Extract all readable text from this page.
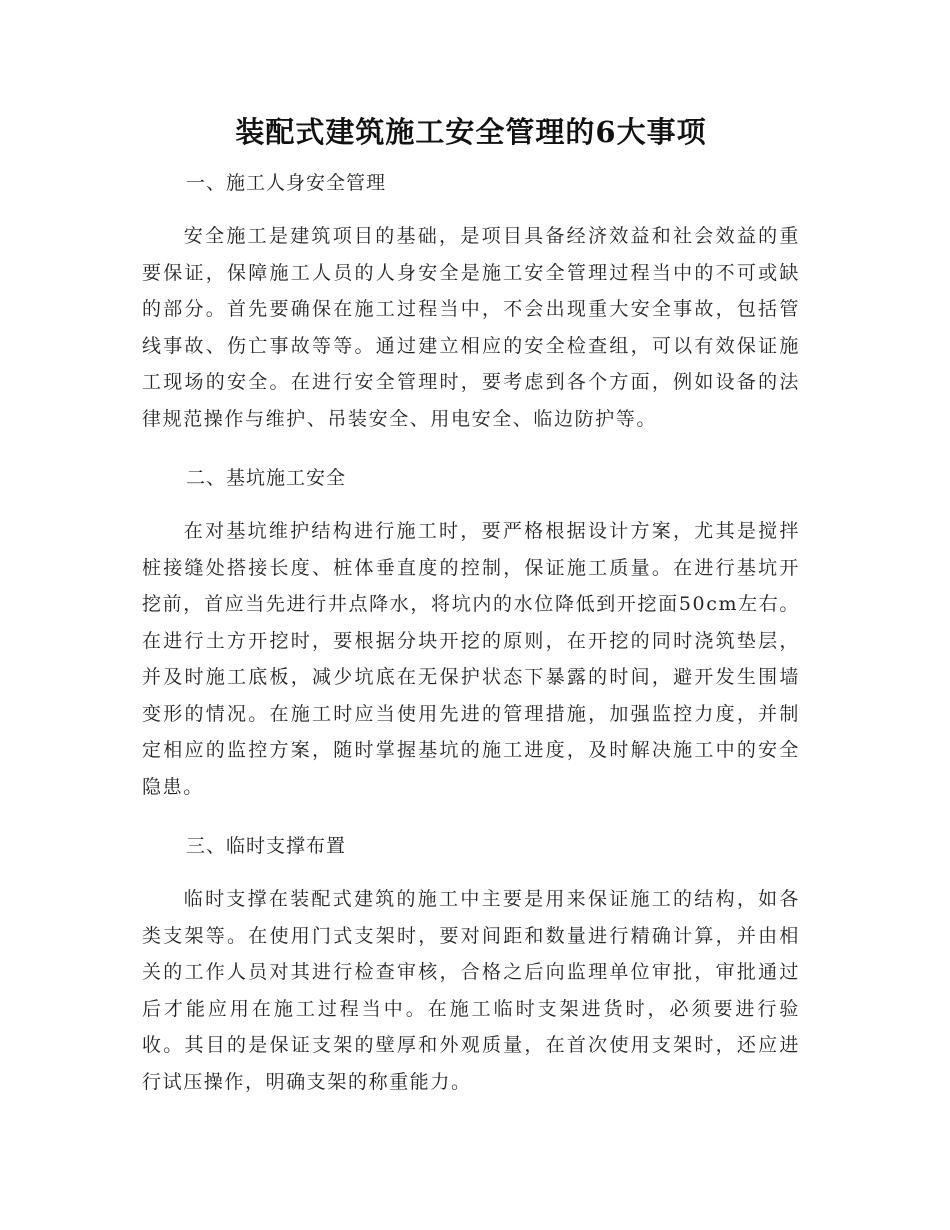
装配式建筑施工安全管理的6大事项
一、施工人身安全管理

安全施工是建筑项目的基础，是项目具备经济效益和社会效益的重要保证，保障施工人员的人身安全是施工安全管理过程当中的不可或缺的部分。首先要确保在施工过程当中，不会出现重大安全事故，包括管线事故、伤亡事故等等。通过建立相应的安全检查组，可以有效保证施工现场的安全。在进行安全管理时，要考虑到各个方面，例如设备的法律规范操作与维护、吊装安全、用电安全、临边防护等。

二、基坑施工安全

在对基坑维护结构进行施工时，要严格根据设计方案，尤其是搅拌桩接缝处搭接长度、桩体垂直度的控制，保证施工质量。在进行基坑开挖前，首应当先进行井点降水，将坑内的水位降低到开挖面50cm左右。在进行土方开挖时，要根据分块开挖的原则，在开挖的同时浇筑垫层，并及时施工底板，减少坑底在无保护状态下暴露的时间，避开发生围墙变形的情况。在施工时应当使用先进的管理措施，加强监控力度，并制定相应的监控方案，随时掌握基坑的施工进度，及时解决施工中的安全隐患。

三、临时支撑布置

临时支撑在装配式建筑的施工中主要是用来保证施工的结构，如各类支架等。在使用门式支架时，要对间距和数量进行精确计算，并由相关的工作人员对其进行检查审核，合格之后向监理单位审批，审批通过后才能应用在施工过程当中。在施工临时支架进货时，必须要进行验收。其目的是保证支架的壁厚和外观质量，在首次使用支架时，还应进行试压操作，明确支架的称重能力。
